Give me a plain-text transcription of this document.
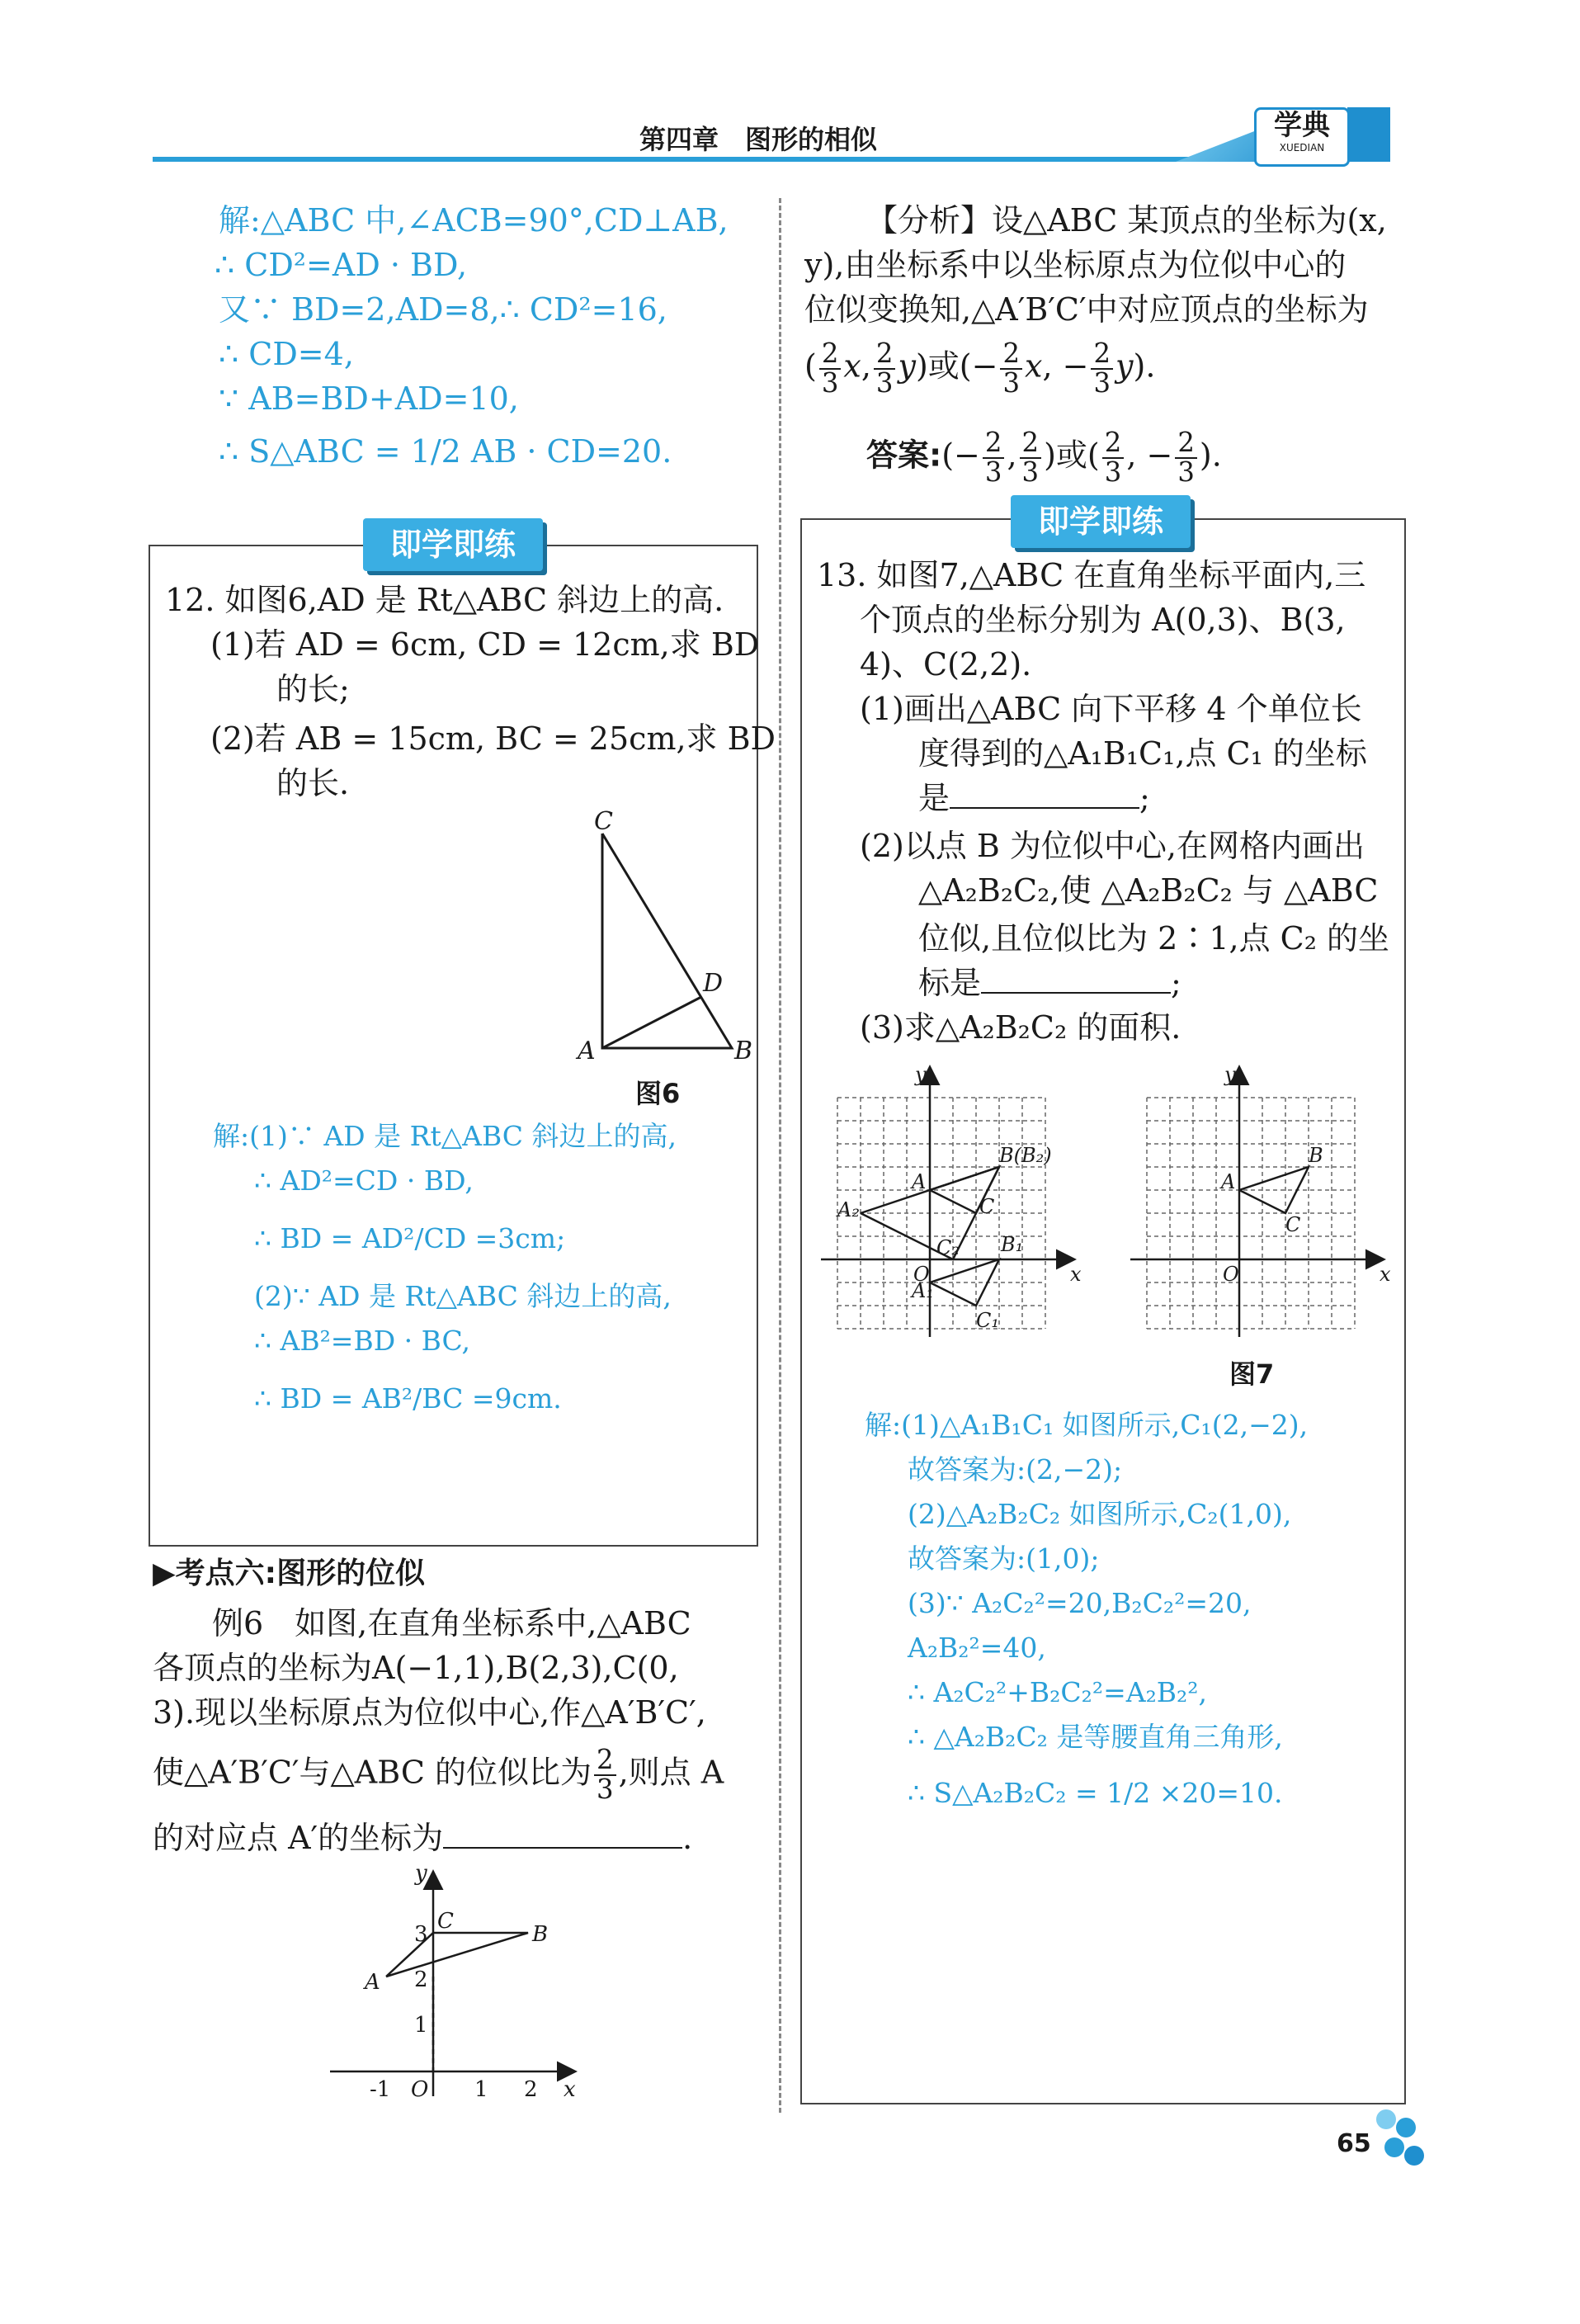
第四章　图形的相似	学典
XUEDIAN
解:△ABC 中,∠ACB=90°,CD⊥AB,
∴ CD²=AD · BD,
又∵ BD=2,AD=8,∴ CD²=16,
∴ CD=4,
∵ AB=BD+AD=10,
∴ S△ABC = 1/2 AB · CD=20.
即学即练
12. 如图6,AD 是 Rt△ABC 斜边上的高.
(1)若 AD = 6cm, CD = 12cm,求 BD
的长;
(2)若 AB = 15cm, BC = 25cm,求 BD
的长.
C
D
A	B
图6
解:(1)∵ AD 是 Rt△ABC 斜边上的高,
∴ AD²=CD · BD,
∴ BD = AD²/CD =3cm;
(2)∵ AD 是 Rt△ABC 斜边上的高,
∴ AB²=BD · BC,
∴ BD = AB²/BC =9cm.
▶考点六:图形的位似
例6　如图,在直角坐标系中,△ABC
各顶点的坐标为A(−1,1),B(2,3),C(0,
3).现以坐标原点为位似中心,作△A′B′C′,
使△A′B′C′与△ABC 的位似比为 $\frac{2}{3}$ ,则点 A
的对应点 A′的坐标为	.
y
x
C
B
A
O
3
2
1
-1	1 2
【分析】设△ABC 某顶点的坐标为(x,
y),由坐标系中以坐标原点为位似中心的
位似变换知,△A′B′C′中对应顶点的坐标为
( $\frac{2}{3} x$, $\frac{2}{3} y$)或(− $\frac{2}{3} x$, − $\frac{2}{3} y$).
答案:(− $\frac{2}{3}$ , $\frac{2}{3}$ )或( $\frac{2}{3}$ , − $\frac{2}{3}$ ).
即学即练
13. 如图7,△ABC 在直角坐标平面内,三
个顶点的坐标分别为 A(0,3)、B(3,
4)、C(2,2).
(1)画出△ABC 向下平移 4 个单位长
度得到的△A₁B₁C₁,点 C₁ 的坐标
是	;
(2)以点 B 为位似中心,在网格内画出
△A₂B₂C₂,使 △A₂B₂C₂ 与 △ABC
位似,且位似比为 2∶1,点 C₂ 的坐
标是	;
(3)求△A₂B₂C₂ 的面积.
y
x
O
A
B(B₂)
C
A₂
C₂ B₁
A₁
C₁
y
x
O
A
B
C
图7
解:(1)△A₁B₁C₁ 如图所示,C₁(2,−2),
故答案为:(2,−2);
(2)△A₂B₂C₂ 如图所示,C₂(1,0),
故答案为:(1,0);
(3)∵ A₂C₂²=20,B₂C₂²=20,
A₂B₂²=40,
∴ A₂C₂²+B₂C₂²=A₂B₂²,
∴ △A₂B₂C₂ 是等腰直角三角形,
∴ S△A₂B₂C₂ = 1/2 ×20=10.
65
